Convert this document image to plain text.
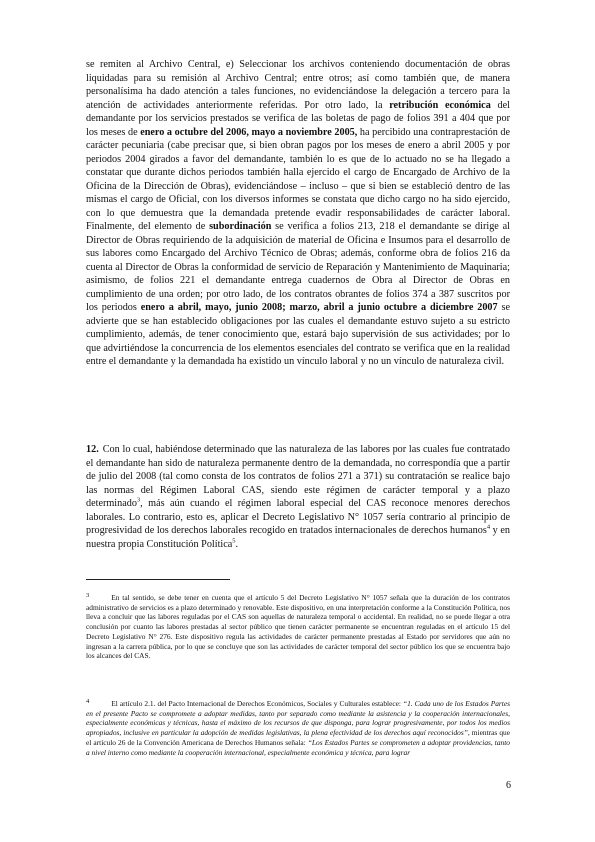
se remiten al Archivo Central, e) Seleccionar los archivos conteniendo documentación de obras liquidadas para su remisión al Archivo Central; entre otros; así como también que, de manera personalísima ha dado atención a tales funciones, no evidenciándose la delegación a tercero para la atención de actividades anteriormente referidas. Por otro lado, la retribución económica del demandante por los servicios prestados se verifica de las boletas de pago de folios 391 a 404 que por los meses de enero a octubre del 2006, mayo a noviembre 2005, ha percibido una contraprestación de carácter pecuniaria (cabe precisar que, si bien obran pagos por los meses de enero a abril 2005 y por periodos 2004 girados a favor del demandante, también lo es que de lo actuado no se ha llegado a constatar que durante dichos periodos también halla ejercido el cargo de Encargado de Archivo de la Oficina de la Dirección de Obras), evidenciándose – incluso – que si bien se estableció dentro de las mismas el cargo de Oficial, con los diversos informes se constata que dicho cargo no ha sido ejercido, con lo que demuestra que la demandada pretende evadir responsabilidades de carácter laboral. Finalmente, del elemento de subordinación se verifica a folios 213, 218 el demandante se dirige al Director de Obras requiriendo de la adquisición de material de Oficina e Insumos para el desarrollo de sus labores como Encargado del Archivo Técnico de Obras; además, conforme obra de folios 216 da cuenta al Director de Obras la conformidad de servicio de Reparación y Mantenimiento de Maquinaria; asimismo, de folios 221 el demandante entrega cuadernos de Obra al Director de Obras en cumplimiento de una orden; por otro lado, de los contratos obrantes de folios 374 a 387 suscritos por los periodos enero a abril, mayo, junio 2008; marzo, abril a junio octubre a diciembre 2007 se advierte que se han establecido obligaciones por las cuales el demandante estuvo sujeto a su estricto cumplimiento, además, de tener conocimiento que, estará bajo supervisión de sus actividades; por lo que advirtiéndose la concurrencia de los elementos esenciales del contrato se verifica que en la realidad entre el demandante y la demandada ha existido un vínculo laboral y no un vínculo de naturaleza civil.

12. Con lo cual, habiéndose determinado que las naturaleza de las labores por las cuales fue contratado el demandante han sido de naturaleza permanente dentro de la demandada, no correspondía que a partir de julio del 2008 (tal como consta de los contratos de folios 271 a 371) su contratación se realice bajo las normas del Régimen Laboral CAS, siendo este régimen de carácter temporal y a plazo determinado$^3$, más aún cuando el régimen laboral especial del CAS reconoce menores derechos laborales. Lo contrario, esto es, aplicar el Decreto Legislativo N° 1057 sería contrario al principio de progresividad de los derechos laborales recogido en tratados internacionales de derechos humanos$^4$ y en nuestra propia Constitución Política$^5$.

3	En tal sentido, se debe tener en cuenta que el artículo 5 del Decreto Legislativo N° 1057 señala que la duración de los contratos administrativo de servicios es a plazo determinado y renovable. Este dispositivo, en una interpretación conforme a la Constitución Política, nos lleva a concluir que las labores reguladas por el CAS son aquellas de naturaleza temporal o accidental. En realidad, no se puede llegar a otra conclusión por cuanto las labores prestadas al sector público que tienen carácter permanente se encuentran reguladas en el artículo 15 del Decreto Legislativo N° 276. Este dispositivo regula las actividades de carácter permanente prestadas al Estado por servidores que aún no ingresan a la carrera pública, por lo que se concluye que son las actividades de carácter temporal del sector público los que se encuentra bajo los alcances del CAS.

4	El artículo 2.1. del Pacto Internacional de Derechos Económicos, Sociales y Culturales establece: “1. Cada uno de los Estados Partes en el presente Pacto se compromete a adoptar medidas, tanto por separado como mediante la asistencia y la cooperación internacionales, especialmente económicas y técnicas, hasta el máximo de los recursos de que disponga, para lograr progresivamente, por todos los medios apropiados, inclusive en particular la adopción de medidas legislativas, la plena efectividad de los derechos aquí reconocidos”, mientras que el artículo 26 de la Convención Americana de Derechos Humanos señala: “Los Estados Partes se comprometen a adoptar providencias, tanto a nivel interno como mediante la cooperación internacional, especialmente económica y técnica, para lograr

6
